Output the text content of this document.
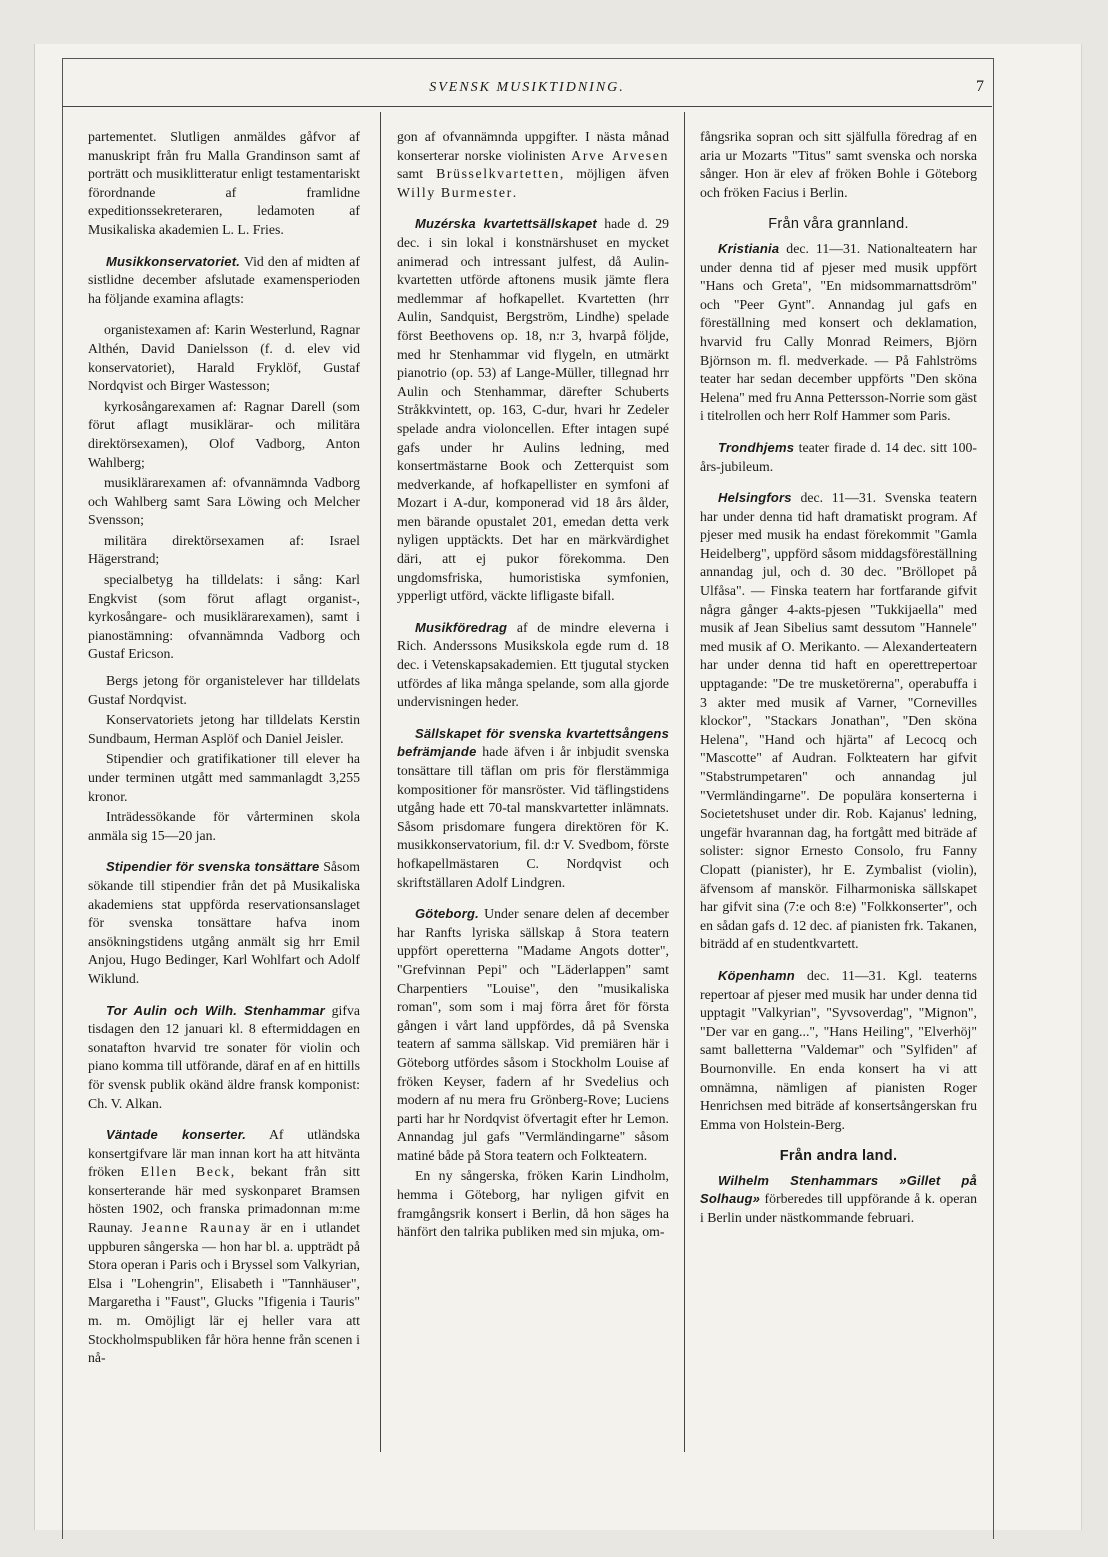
SVENSK MUSIKTIDNING.	7

partementet. Slutligen anmäldes gåfvor af manuskript från fru Malla Grandinson samt af porträtt och musiklitteratur enligt testamentariskt förordnande af framlidne expeditionssekreteraren, ledamoten af Musikaliska akademien L. L. Fries.

Musikkonservatoriet. Vid den af midten af sistlidne december afslutade examensperioden ha följande examina aflagts:

organistexamen af: Karin Westerlund, Ragnar Althén, David Danielsson (f. d. elev vid konservatoriet), Harald Fryklöf, Gustaf Nordqvist och Birger Wastesson;

kyrkosångarexamen af: Ragnar Darell (som förut aflagt musiklärar- och militära direktörsexamen), Olof Vadborg, Anton Wahlberg;

musiklärarexamen af: ofvannämnda Vadborg och Wahlberg samt Sara Löwing och Melcher Svensson;

militära direktörsexamen af: Israel Hägerstrand;

specialbetyg ha tilldelats: i sång: Karl Engkvist (som förut aflagt organist-, kyrkosångare- och musiklärarexamen), samt i pianostämning: ofvannämnda Vadborg och Gustaf Ericson.

Bergs jetong för organistelever har tilldelats Gustaf Nordqvist.

Konservatoriets jetong har tilldelats Kerstin Sundbaum, Herman Asplöf och Daniel Jeisler.

Stipendier och gratifikationer till elever ha under terminen utgått med sammanlagdt 3,255 kronor.

Inträdessökande för vårterminen skola anmäla sig 15—20 jan.

Stipendier för svenska tonsättare Såsom sökande till stipendier från det på Musikaliska akademiens stat uppförda reservationsanslaget för svenska tonsättare hafva inom ansökningstidens utgång anmält sig hrr Emil Anjou, Hugo Bedinger, Karl Wohlfart och Adolf Wiklund.

Tor Aulin och Wilh. Stenhammar gifva tisdagen den 12 januari kl. 8 eftermiddagen en sonatafton hvarvid tre sonater för violin och piano komma till utförande, däraf en af en hittills för svensk publik okänd äldre fransk komponist: Ch. V. Alkan.

Väntade konserter. Af utländska konsertgifvare lär man innan kort ha att hitvänta fröken Ellen Beck, bekant från sitt konserterande här med syskonparet Bramsen hösten 1902, och franska primadonnan m:me Raunay. Jeanne Raunay är en i utlandet uppburen sångerska — hon har bl. a. uppträdt på Stora operan i Paris och i Bryssel som Valkyrian, Elsa i "Lohengrin", Elisabeth i "Tannhäuser", Margaretha i "Faust", Glucks "Ifigenia i Tauris" m. m. Omöjligt lär ej heller vara att Stockholmspubliken får höra henne från scenen i nå-

gon af ofvannämnda uppgifter. I nästa månad konserterar norske violinisten Arve Arvesen samt Brüsselkvartetten, möjligen äfven Willy Burmester.

Muzérska kvartettsällskapet hade d. 29 dec. i sin lokal i konstnärshuset en mycket animerad och intressant julfest, då Aulin-kvartetten utförde aftonens musik jämte flera medlemmar af hofkapellet. Kvartetten (hrr Aulin, Sandquist, Bergström, Lindhe) spelade först Beethovens op. 18, n:r 3, hvarpå följde, med hr Stenhammar vid flygeln, en utmärkt pianotrio (op. 53) af Lange-Müller, tillegnad hrr Aulin och Stenhammar, därefter Schuberts Stråkkvintett, op. 163, C-dur, hvari hr Zedeler spelade andra violoncellen. Efter intagen supé gafs under hr Aulins ledning, med konsertmästarne Book och Zetterquist som medverkande, af hofkapellister en symfoni af Mozart i A-dur, komponerad vid 18 års ålder, men bärande opustalet 201, emedan detta verk nyligen upptäckts. Det har en märkvärdighet däri, att ej pukor förekomma. Den ungdomsfriska, humoristiska symfonien, ypperligt utförd, väckte lifligaste bifall.

Musikföredrag af de mindre eleverna i Rich. Anderssons Musikskola egde rum d. 18 dec. i Vetenskapsakademien. Ett tjugutal stycken utfördes af lika många spelande, som alla gjorde undervisningen heder.

Sällskapet för svenska kvartettsångens befrämjande hade äfven i år inbjudit svenska tonsättare till täflan om pris för flerstämmiga kompositioner för mansröster. Vid täflingstidens utgång hade ett 70-tal manskvartetter inlämnats. Såsom prisdomare fungera direktören för K. musikkonservatorium, fil. d:r V. Svedbom, förste hofkapellmästaren C. Nordqvist och skriftställaren Adolf Lindgren.

Göteborg. Under senare delen af december har Ranfts lyriska sällskap å Stora teatern uppfört operetterna "Madame Angots dotter", "Grefvinnan Pepi" och "Läderlappen" samt Charpentiers "Louise", den "musikaliska roman", som som i maj förra året för första gången i vårt land uppfördes, då på Svenska teatern af samma sällskap. Vid premiären här i Göteborg utfördes såsom i Stockholm Louise af fröken Keyser, fadern af hr Svedelius och modern af nu mera fru Grönberg-Rove; Luciens parti har hr Nordqvist öfvertagit efter hr Lemon. Annandag jul gafs "Vermländingarne" såsom matiné både på Stora teatern och Folkteatern.

En ny sångerska, fröken Karin Lindholm, hemma i Göteborg, har nyligen gifvit en framgångsrik konsert i Berlin, då hon säges ha hänfört den talrika publiken med sin mjuka, om-

fångsrika sopran och sitt själfulla föredrag af en aria ur Mozarts "Titus" samt svenska och norska sånger. Hon är elev af fröken Bohle i Göteborg och fröken Facius i Berlin.

Från våra grannland.

Kristiania dec. 11—31. Nationalteatern har under denna tid af pjeser med musik uppfört "Hans och Greta", "En midsommarnattsdröm" och "Peer Gynt". Annandag jul gafs en föreställning med konsert och deklamation, hvarvid fru Cally Monrad Reimers, Björn Björnson m. fl. medverkade. — På Fahlströms teater har sedan december uppförts "Den sköna Helena" med fru Anna Pettersson-Norrie som gäst i titelrollen och herr Rolf Hammer som Paris.

Trondhjems teater firade d. 14 dec. sitt 100-års-jubileum.

Helsingfors dec. 11—31. Svenska teatern har under denna tid haft dramatiskt program. Af pjeser med musik ha endast förekommit "Gamla Heidelberg", uppförd såsom middagsföreställning annandag jul, och d. 30 dec. "Bröllopet på Ulfåsa". — Finska teatern har fortfarande gifvit några gånger 4-akts-pjesen "Tukkijaella" med musik af Jean Sibelius samt dessutom "Hannele" med musik af O. Merikanto. — Alexanderteatern har under denna tid haft en operettrepertoar upptagande: "De tre musketörerna", operabuffa i 3 akter med musik af Varner, "Cornevilles klockor", "Stackars Jonathan", "Den sköna Helena", "Hand och hjärta" af Lecocq och "Mascotte" af Audran. Folkteatern har gifvit "Stabstrumpetaren" och annandag jul "Vermländingarne". De populära konserterna i Societetshuset under dir. Rob. Kajanus' ledning, ungefär hvarannan dag, ha fortgått med biträde af solister: signor Ernesto Consolo, fru Fanny Clopatt (pianister), hr E. Zymbalist (violin), äfvensom af manskör. Filharmoniska sällskapet har gifvit sina (7:e och 8:e) "Folkkonserter", och en sådan gafs d. 12 dec. af pianisten frk. Takanen, biträdd af en studentkvartett.

Köpenhamn dec. 11—31. Kgl. teaterns repertoar af pjeser med musik har under denna tid upptagit "Valkyrian", "Syvsoverdag", "Mignon", "Der var en gang...", "Hans Heiling", "Elverhöj" samt balletterna "Valdemar" och "Sylfiden" af Bournonville. En enda konsert ha vi att omnämna, nämligen af pianisten Roger Henrichsen med biträde af konsertsångerskan fru Emma von Holstein-Berg.

Från andra land.

Wilhelm Stenhammars »Gillet på Solhaug» förberedes till uppförande å k. operan i Berlin under nästkommande februari.
